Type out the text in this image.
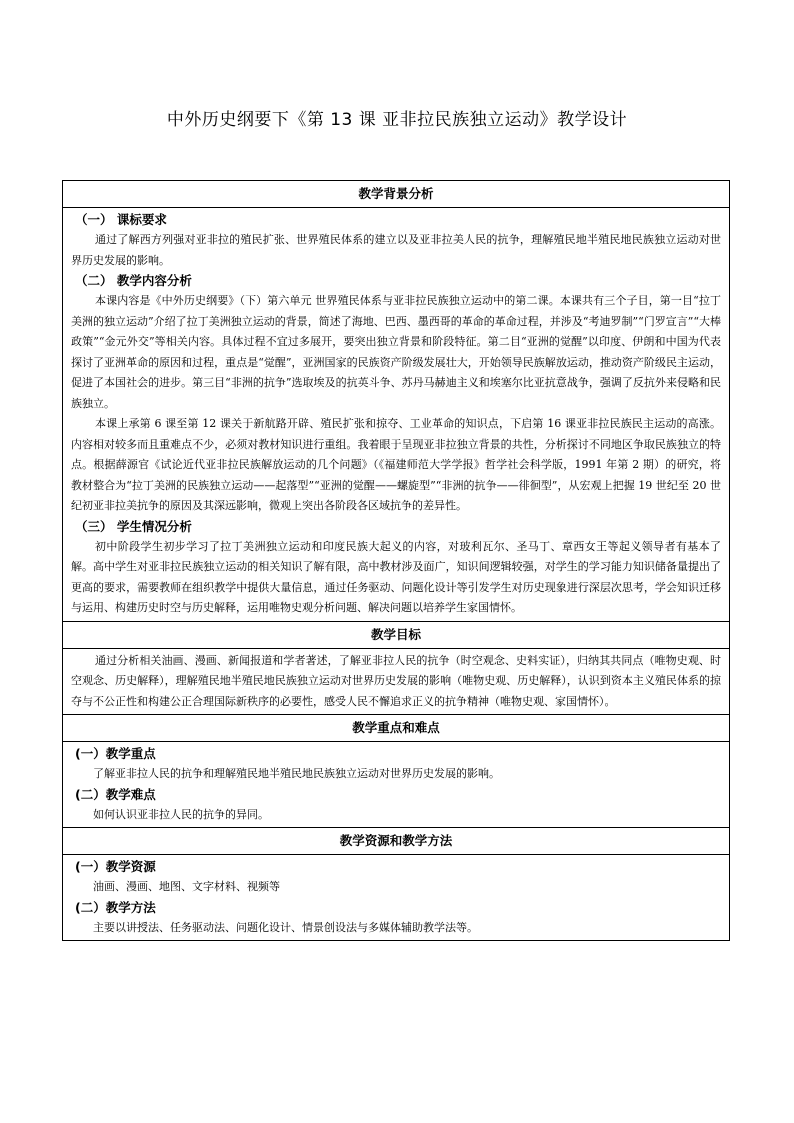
中外历史纲要下《第 13 课 亚非拉民族独立运动》教学设计
教学背景分析

（一） 课标要求

通过了解西方列强对亚非拉的殖民扩张、世界殖民体系的建立以及亚非拉美人民的抗争，理解殖民地半殖民地民族独立运动对世界历史发展的影响。

（二） 教学内容分析

本课内容是《中外历史纲要》（下）第六单元 世界殖民体系与亚非拉民族独立运动中的第二课。本课共有三个子目，第一目“拉丁美洲的独立运动”介绍了拉丁美洲独立运动的背景，简述了海地、巴西、墨西哥的革命的革命过程，并涉及“考迪罗制”“门罗宣言”“大棒政策”“金元外交”等相关内容。具体过程不宜过多展开，要突出独立背景和阶段特征。第二目“亚洲的觉醒”以印度、伊朗和中国为代表探讨了亚洲革命的原因和过程，重点是“觉醒”，亚洲国家的民族资产阶级发展壮大，开始领导民族解放运动，推动资产阶级民主运动，促进了本国社会的进步。第三目“非洲的抗争”选取埃及的抗英斗争、苏丹马赫迪主义和埃塞尔比亚抗意战争，强调了反抗外来侵略和民族独立。

本课上承第 6 课至第 12 课关于新航路开辟、殖民扩张和掠夺、工业革命的知识点，下启第 16 课亚非拉民族民主运动的高涨。内容相对较多而且重难点不少，必须对教材知识进行重组。我着眼于呈现亚非拉独立背景的共性，分析探讨不同地区争取民族独立的特点。根据薛源官《试论近代亚非拉民族解放运动的几个问题》（《福建师范大学学报》哲学社会科学版，1991 年第 2 期）的研究，将教材整合为“拉丁美洲的民族独立运动——起落型”“亚洲的觉醒——螺旋型”“非洲的抗争——徘徊型”，从宏观上把握 19 世纪至 20 世纪初亚非拉美抗争的原因及其深远影响，微观上突出各阶段各区域抗争的差异性。

（三） 学生情况分析

初中阶段学生初步学习了拉丁美洲独立运动和印度民族大起义的内容，对玻利瓦尔、圣马丁、章西女王等起义领导者有基本了解。高中学生对亚非拉民族独立运动的相关知识了解有限，高中教材涉及面广，知识间逻辑较强，对学生的学习能力知识储备量提出了更高的要求，需要教师在组织教学中提供大量信息，通过任务驱动、问题化设计等引发学生对历史现象进行深层次思考，学会知识迁移与运用、构建历史时空与历史解释，运用唯物史观分析问题、解决问题以培养学生家国情怀。

教学目标

通过分析相关油画、漫画、新闻报道和学者著述，了解亚非拉人民的抗争（时空观念、史料实证），归纳其共同点（唯物史观、时空观念、历史解释），理解殖民地半殖民地民族独立运动对世界历史发展的影响（唯物史观、历史解释），认识到资本主义殖民体系的掠夺与不公正性和构建公正合理国际新秩序的必要性，感受人民不懈追求正义的抗争精神（唯物史观、家国情怀）。

教学重点和难点

(一）教学重点

了解亚非拉人民的抗争和理解殖民地半殖民地民族独立运动对世界历史发展的影响。

(二）教学难点

如何认识亚非拉人民的抗争的异同。

教学资源和教学方法

(一）教学资源

油画、漫画、地图、文字材料、视频等

(二）教学方法

主要以讲授法、任务驱动法、问题化设计、情景创设法与多媒体辅助教学法等。
